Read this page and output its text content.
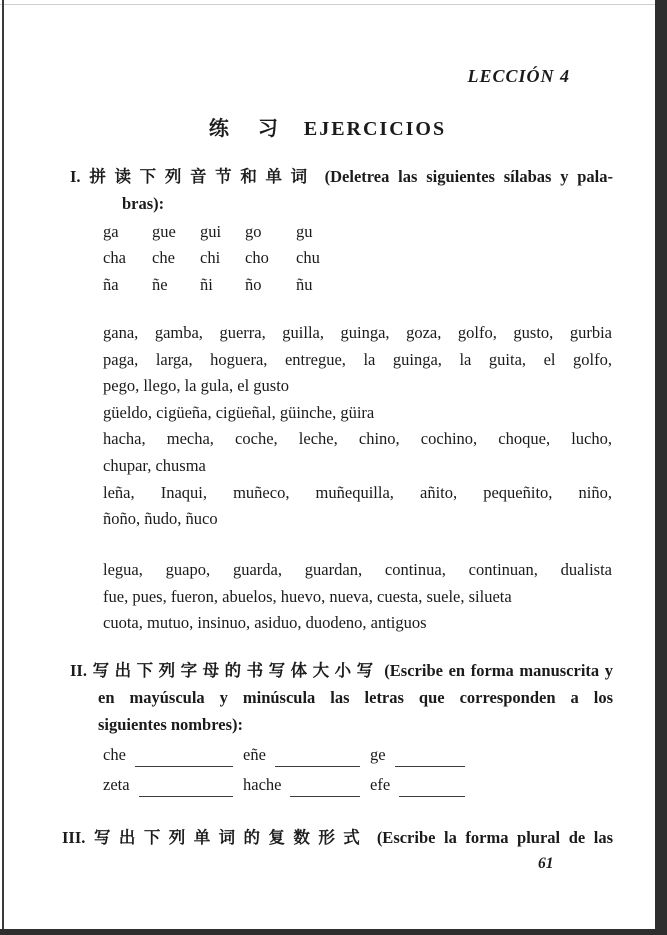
LECCIÓN 4
练 习 EJERCICIOS
I. 拼读下列音节和单词 (Deletrea las siguientes sílabas y pala-
bras):
ga gue gui go gu
cha che chi cho chu
ña ñe ñi ño ñu
gana, gamba, guerra, guilla, guinga, goza, golfo, gusto, gurbia
paga, larga, hoguera, entregue, la guinga, la guita, el golfo,
pego, llego, la gula, el gusto
güeldo, cigüeña, cigüeñal, güinche, güira
hacha, mecha, coche, leche, chino, cochino, choque, lucho,
chupar, chusma
leña, Inaqui, muñeco, muñequilla, añito, pequeñito, niño,
ñoño, ñudo, ñuco
legua, guapo, guarda, guardan, continua, continuan, dualista
fue, pues, fueron, abuelos, huevo, nueva, cuesta, suele, silueta
cuota, mutuo, insinuo, asiduo, duodeno, antiguos
II. 写出下列字母的书写体大小写 (Escribe en forma manuscrita y
en mayúscula y minúscula las letras que corresponden a los
siguientes nombres):
che	eñe	ge
zeta	hache	efe
III. 写出下列单词的复数形式 (Escribe la forma plural de las
61
